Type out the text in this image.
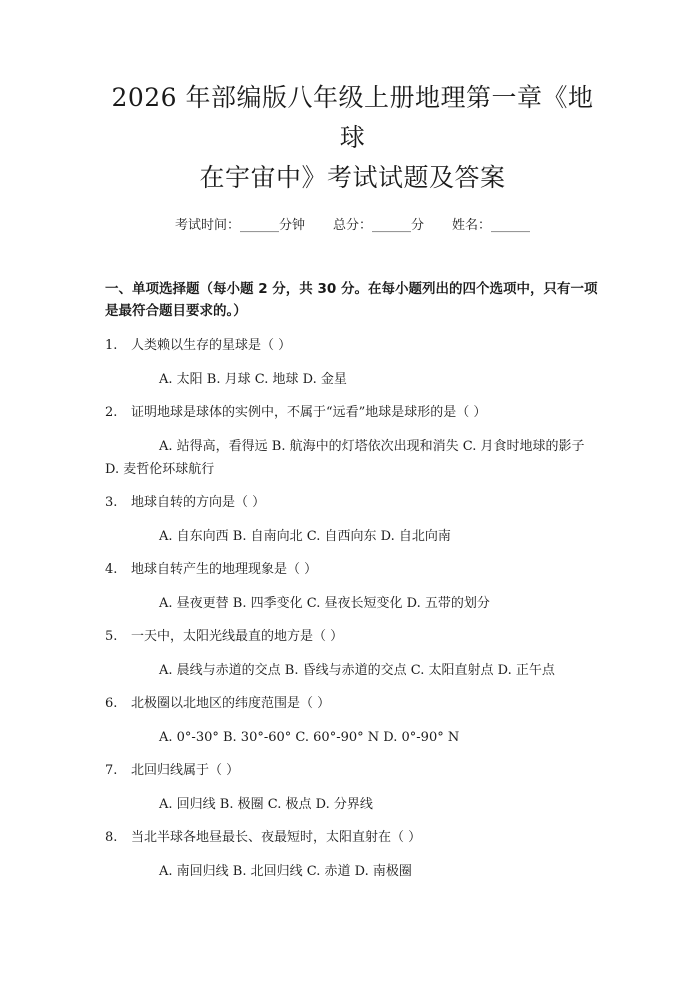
2026 年部编版八年级上册地理第一章《地球
在宇宙中》考试试题及答案
考试时间：______分钟 总分：______分 姓名：______
一、单项选择题（每小题 2 分，共 30 分。在每小题列出的四个选项中，只有一项是最符合题目要求的。）
1.	人类赖以生存的星球是（ ）
A. 太阳 B. 月球 C. 地球 D. 金星
2.	证明地球是球体的实例中，不属于“远看”地球是球形的是（ ）
A. 站得高，看得远 B. 航海中的灯塔依次出现和消失 C. 月食时地球的影子 D. 麦哲伦环球航行
3.	地球自转的方向是（ ）
A. 自东向西 B. 自南向北 C. 自西向东 D. 自北向南
4.	地球自转产生的地理现象是（ ）
A. 昼夜更替 B. 四季变化 C. 昼夜长短变化 D. 五带的划分
5.	一天中，太阳光线最直的地方是（ ）
A. 晨线与赤道的交点 B. 昏线与赤道的交点 C. 太阳直射点 D. 正午点
6.	北极圈以北地区的纬度范围是（ ）
A. 0°-30° B. 30°-60° C. 60°-90° N D. 0°-90° N
7.	北回归线属于（ ）
A. 回归线 B. 极圈 C. 极点 D. 分界线
8.	当北半球各地昼最长、夜最短时，太阳直射在（ ）
A. 南回归线 B. 北回归线 C. 赤道 D. 南极圈
